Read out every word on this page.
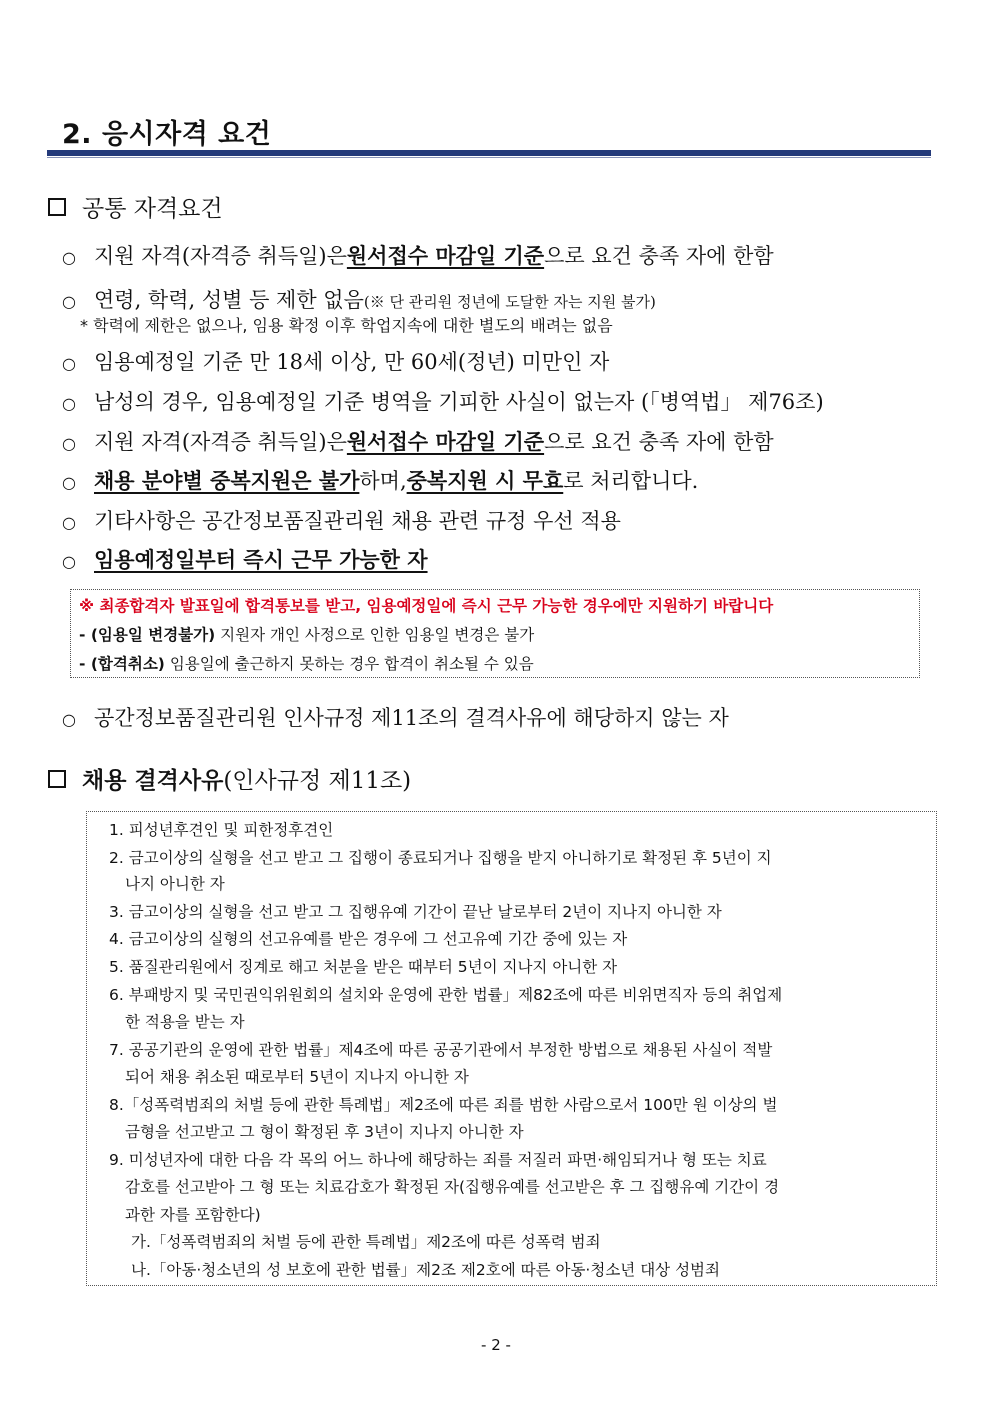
2. 응시자격 요건
공통 자격요건
○ 지원 자격(자격증 취득일)은 원서접수 마감일 기준 으로 요건 충족 자에 한함
○ 연령, 학력, 성별 등 제한 없음 (※ 단 관리원 정년에 도달한 자는 지원 불가)
* 학력에 제한은 없으나, 임용 확정 이후 학업지속에 대한 별도의 배려는 없음
○ 임용예정일 기준 만 18세 이상, 만 60세(정년) 미만인 자
○ 남성의 경우, 임용예정일 기준 병역을 기피한 사실이 없는자 (「병역법」 제76조)
○ 지원 자격(자격증 취득일)은 원서접수 마감일 기준 으로 요건 충족 자에 한함
○ 채용 분야별 중복지원은 불가 하며, 중복지원 시 무효 로 처리합니다.
○ 기타사항은 공간정보품질관리원 채용 관련 규정 우선 적용
○ 임용예정일부터 즉시 근무 가능한 자
※ 최종합격자 발표일에 합격통보를 받고, 임용예정일에 즉시 근무 가능한 경우에만 지원하기 바랍니다
- (임용일 변경불가) 지원자 개인 사정으로 인한 임용일 변경은 불가
- (합격취소) 임용일에 출근하지 못하는 경우 합격이 취소될 수 있음
○ 공간정보품질관리원 인사규정 제11조의 결격사유에 해당하지 않는 자
채용 결격사유 (인사규정 제11조)
1. 피성년후견인 및 피한정후견인
2. 금고이상의 실형을 선고 받고 그 집행이 종료되거나 집행을 받지 아니하기로 확정된 후 5년이 지
나지 아니한 자
3. 금고이상의 실형을 선고 받고 그 집행유예 기간이 끝난 날로부터 2년이 지나지 아니한 자
4. 금고이상의 실형의 선고유예를 받은 경우에 그 선고유예 기간 중에 있는 자
5. 품질관리원에서 징계로 해고 처분을 받은 때부터 5년이 지나지 아니한 자
6. 부패방지 및 국민권익위원회의 설치와 운영에 관한 법률」제82조에 따른 비위면직자 등의 취업제
한 적용을 받는 자
7. 공공기관의 운영에 관한 법률」제4조에 따른 공공기관에서 부정한 방법으로 채용된 사실이 적발
되어 채용 취소된 때로부터 5년이 지나지 아니한 자
8.「성폭력범죄의 처벌 등에 관한 특례법」제2조에 따른 죄를 범한 사람으로서 100만 원 이상의 벌
금형을 선고받고 그 형이 확정된 후 3년이 지나지 아니한 자
9. 미성년자에 대한 다음 각 목의 어느 하나에 해당하는 죄를 저질러 파면·해임되거나 형 또는 치료
감호를 선고받아 그 형 또는 치료감호가 확정된 자(집행유예를 선고받은 후 그 집행유예 기간이 경
과한 자를 포함한다)
가.「성폭력범죄의 처벌 등에 관한 특례법」제2조에 따른 성폭력 범죄
나.「아동·청소년의 성 보호에 관한 법률」제2조 제2호에 따른 아동·청소년 대상 성범죄
- 2 -
